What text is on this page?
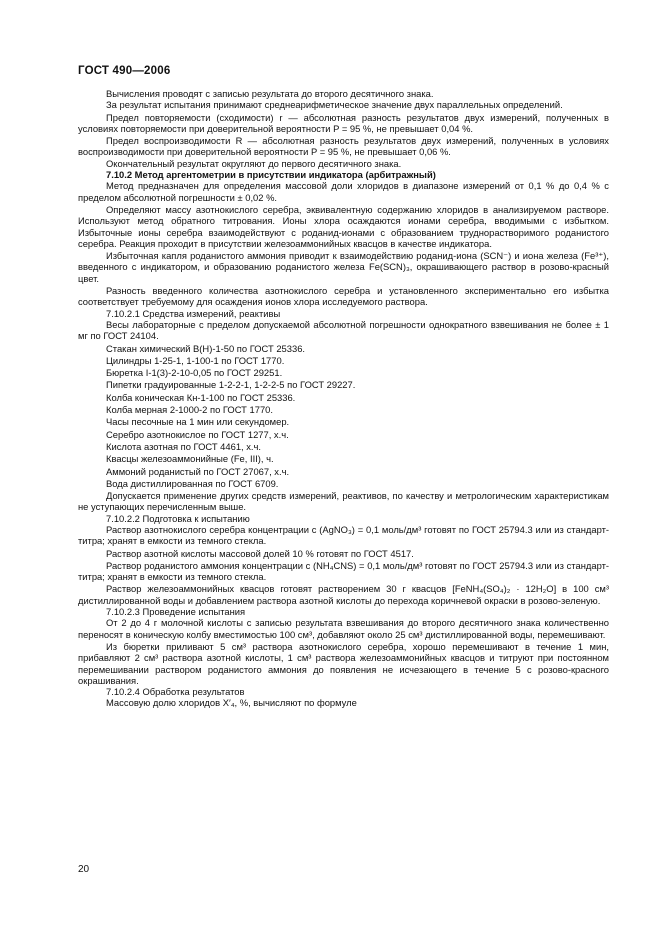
ГОСТ 490—2006

Вычисления проводят с записью результата до второго десятичного знака.

За результат испытания принимают среднеарифметическое значение двух параллельных определений.

Предел повторяемости (сходимости) r — абсолютная разность результатов двух измерений, полученных в условиях повторяемости при доверительной вероятности P = 95 %, не превышает 0,04 %.

Предел воспроизводимости R — абсолютная разность результатов двух измерений, полученных в условиях воспроизводимости при доверительной вероятности P = 95 %, не превышает 0,06 %.

Окончательный результат округляют до первого десятичного знака.

7.10.2 Метод аргентометрии в присутствии индикатора (арбитражный)

Метод предназначен для определения массовой доли хлоридов в диапазоне измерений от 0,1 % до 0,4 % с пределом абсолютной погрешности ± 0,02 %.

Определяют массу азотнокислого серебра, эквивалентную содержанию хлоридов в анализируемом растворе. Используют метод обратного титрования. Ионы хлора осаждаются ионами серебра, вводимыми с избытком. Избыточные ионы серебра взаимодействуют с роданид-ионами с образованием труднорастворимого роданистого серебра. Реакция проходит в присутствии железоаммонийных квасцов в качестве индикатора.

Избыточная капля роданистого аммония приводит к взаимодействию роданид-иона (SCN⁻) и иона железа (Fe³⁺), введенного с индикатором, и образованию роданистого железа Fe(SCN)₃, окрашивающего раствор в розово-красный цвет.

Разность введенного количества азотнокислого серебра и установленного экспериментально его избытка соответствует требуемому для осаждения ионов хлора исследуемого раствора.

7.10.2.1 Средства измерений, реактивы

Весы лабораторные с пределом допускаемой абсолютной погрешности однократного взвешивания не более ± 1 мг по ГОСТ 24104.

Стакан химический В(Н)-1-50 по ГОСТ 25336.

Цилиндры 1-25-1, 1-100-1 по ГОСТ 1770.

Бюретка I-1(3)-2-10-0,05 по ГОСТ 29251.

Пипетки градуированные 1-2-2-1, 1-2-2-5 по ГОСТ 29227.

Колба коническая Кн-1-100 по ГОСТ 25336.

Колба мерная 2-1000-2 по ГОСТ 1770.

Часы песочные на 1 мин или секундомер.

Серебро азотнокислое по ГОСТ 1277, х.ч.

Кислота азотная по ГОСТ 4461, х.ч.

Квасцы железоаммонийные (Fe, III), ч.

Аммоний роданистый по ГОСТ 27067, х.ч.

Вода дистиллированная по ГОСТ 6709.

Допускается применение других средств измерений, реактивов, по качеству и метрологическим характеристикам не уступающих перечисленным выше.

7.10.2.2 Подготовка к испытанию

Раствор азотнокислого серебра концентрации c (AgNO₃) = 0,1 моль/дм³ готовят по ГОСТ 25794.3 или из стандарт-титра; хранят в емкости из темного стекла.

Раствор азотной кислоты массовой долей 10 % готовят по ГОСТ 4517.

Раствор роданистого аммония концентрации c (NH₄CNS) = 0,1 моль/дм³ готовят по ГОСТ 25794.3 или из стандарт-титра; хранят в емкости из темного стекла.

Раствор железоаммонийных квасцов готовят растворением 30 г квасцов [FeNH₄(SO₄)₂ · 12H₂O] в 100 см³ дистиллированной воды и добавлением раствора азотной кислоты до перехода коричневой окраски в розово-зеленую.

7.10.2.3 Проведение испытания

От 2 до 4 г молочной кислоты с записью результата взвешивания до второго десятичного знака количественно переносят в коническую колбу вместимостью 100 см³, добавляют около 25 см³ дистиллированной воды, перемешивают.

Из бюретки приливают 5 см³ раствора азотнокислого серебра, хорошо перемешивают в течение 1 мин, прибавляют 2 см³ раствора азотной кислоты, 1 см³ раствора железоаммонийных квасцов и титруют при постоянном перемешивании раствором роданистого аммония до появления не исчезающего в течение 5 с розово-красного окрашивания.

7.10.2.4 Обработка результатов

Массовую долю хлоридов X′₄, %, вычисляют по формуле

20
